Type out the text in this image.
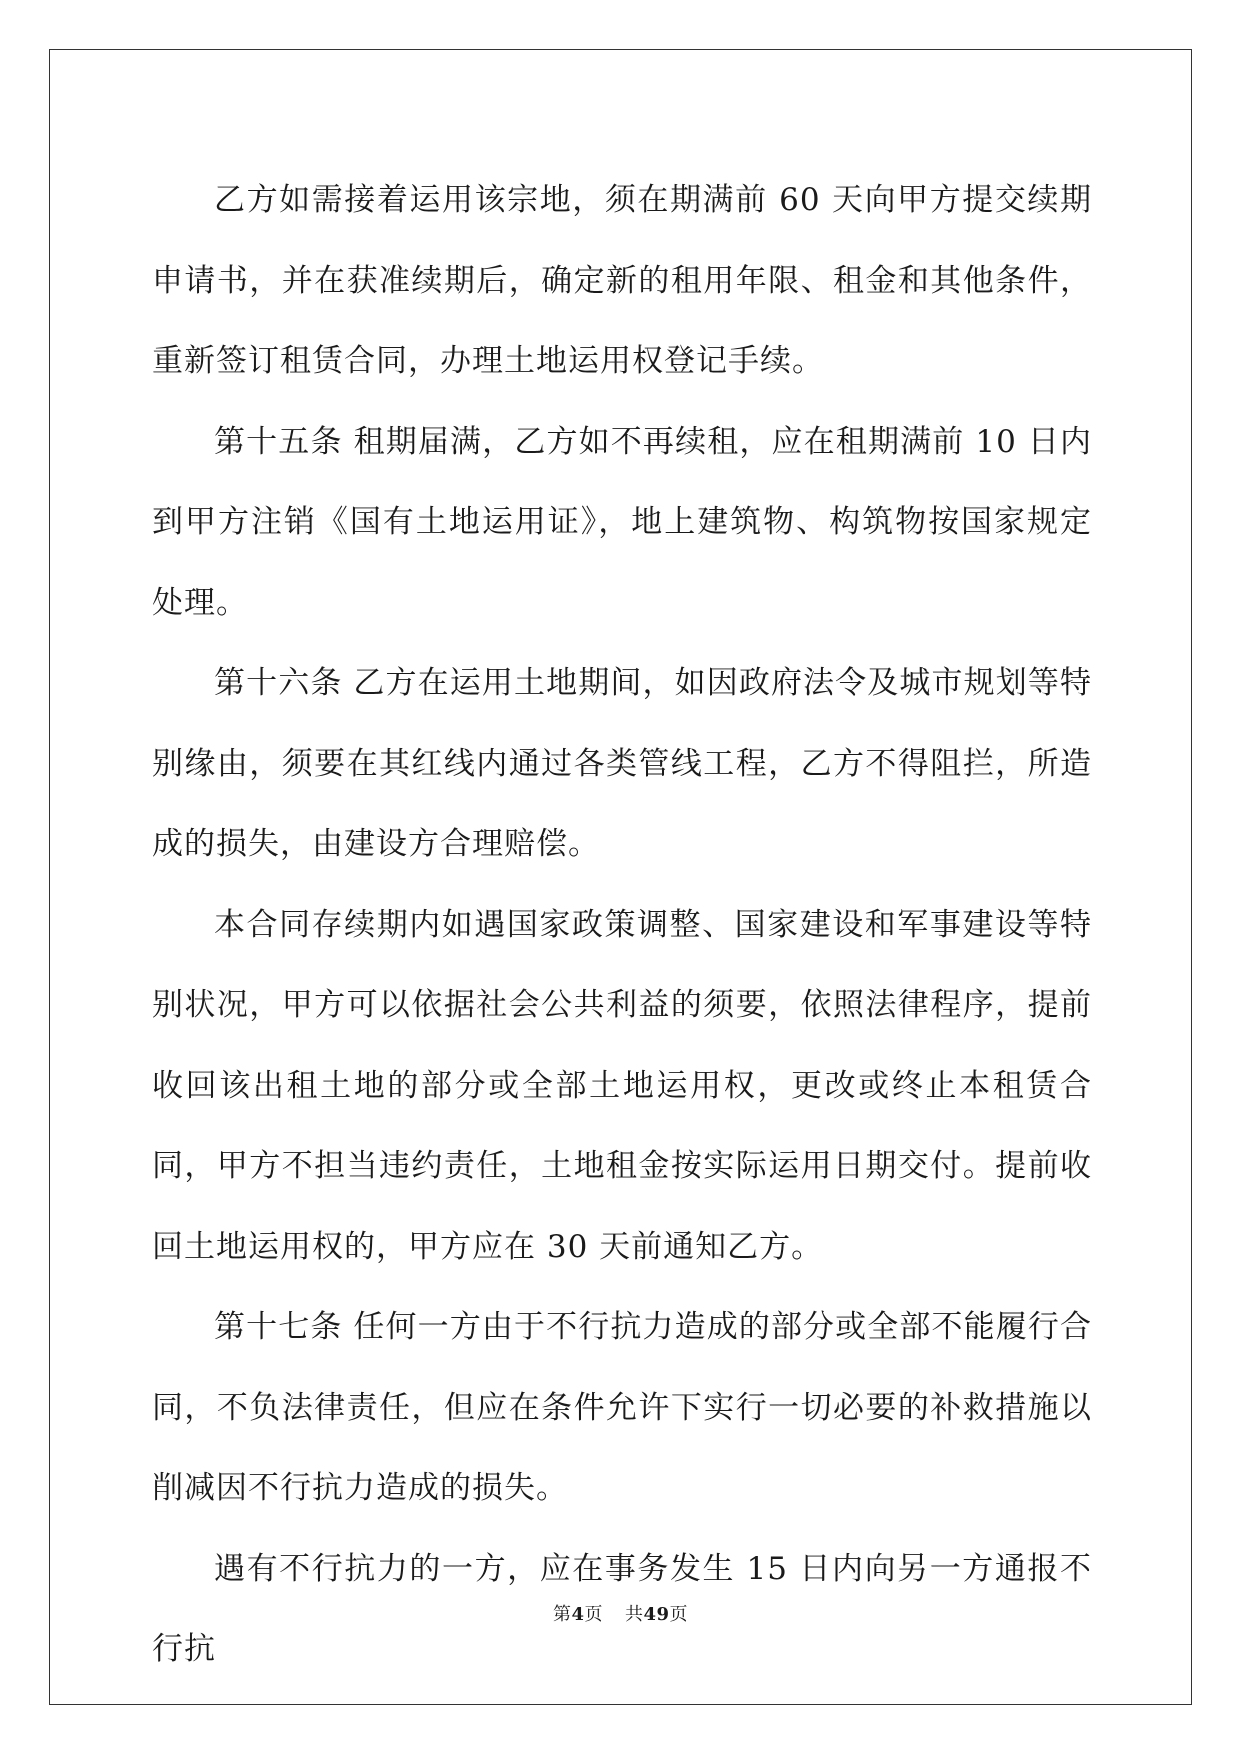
乙方如需接着运用该宗地，须在期满前 60 天向甲方提交续期申请书，并在获准续期后，确定新的租用年限、租金和其他条件，重新签订租赁合同，办理土地运用权登记手续。

第十五条 租期届满，乙方如不再续租，应在租期满前 10 日内到甲方注销《国有土地运用证》，地上建筑物、构筑物按国家规定处理。

第十六条 乙方在运用土地期间，如因政府法令及城市规划等特别缘由，须要在其红线内通过各类管线工程，乙方不得阻拦，所造成的损失，由建设方合理赔偿。

本合同存续期内如遇国家政策调整、国家建设和军事建设等特别状况，甲方可以依据社会公共利益的须要，依照法律程序，提前收回该出租土地的部分或全部土地运用权，更改或终止本租赁合同，甲方不担当违约责任，土地租金按实际运用日期交付。提前收回土地运用权的，甲方应在 30 天前通知乙方。

第十七条 任何一方由于不行抗力造成的部分或全部不能履行合同，不负法律责任，但应在条件允许下实行一切必要的补救措施以削减因不行抗力造成的损失。

遇有不行抗力的一方，应在事务发生 15 日内向另一方通报不行抗

第4页 共49页
